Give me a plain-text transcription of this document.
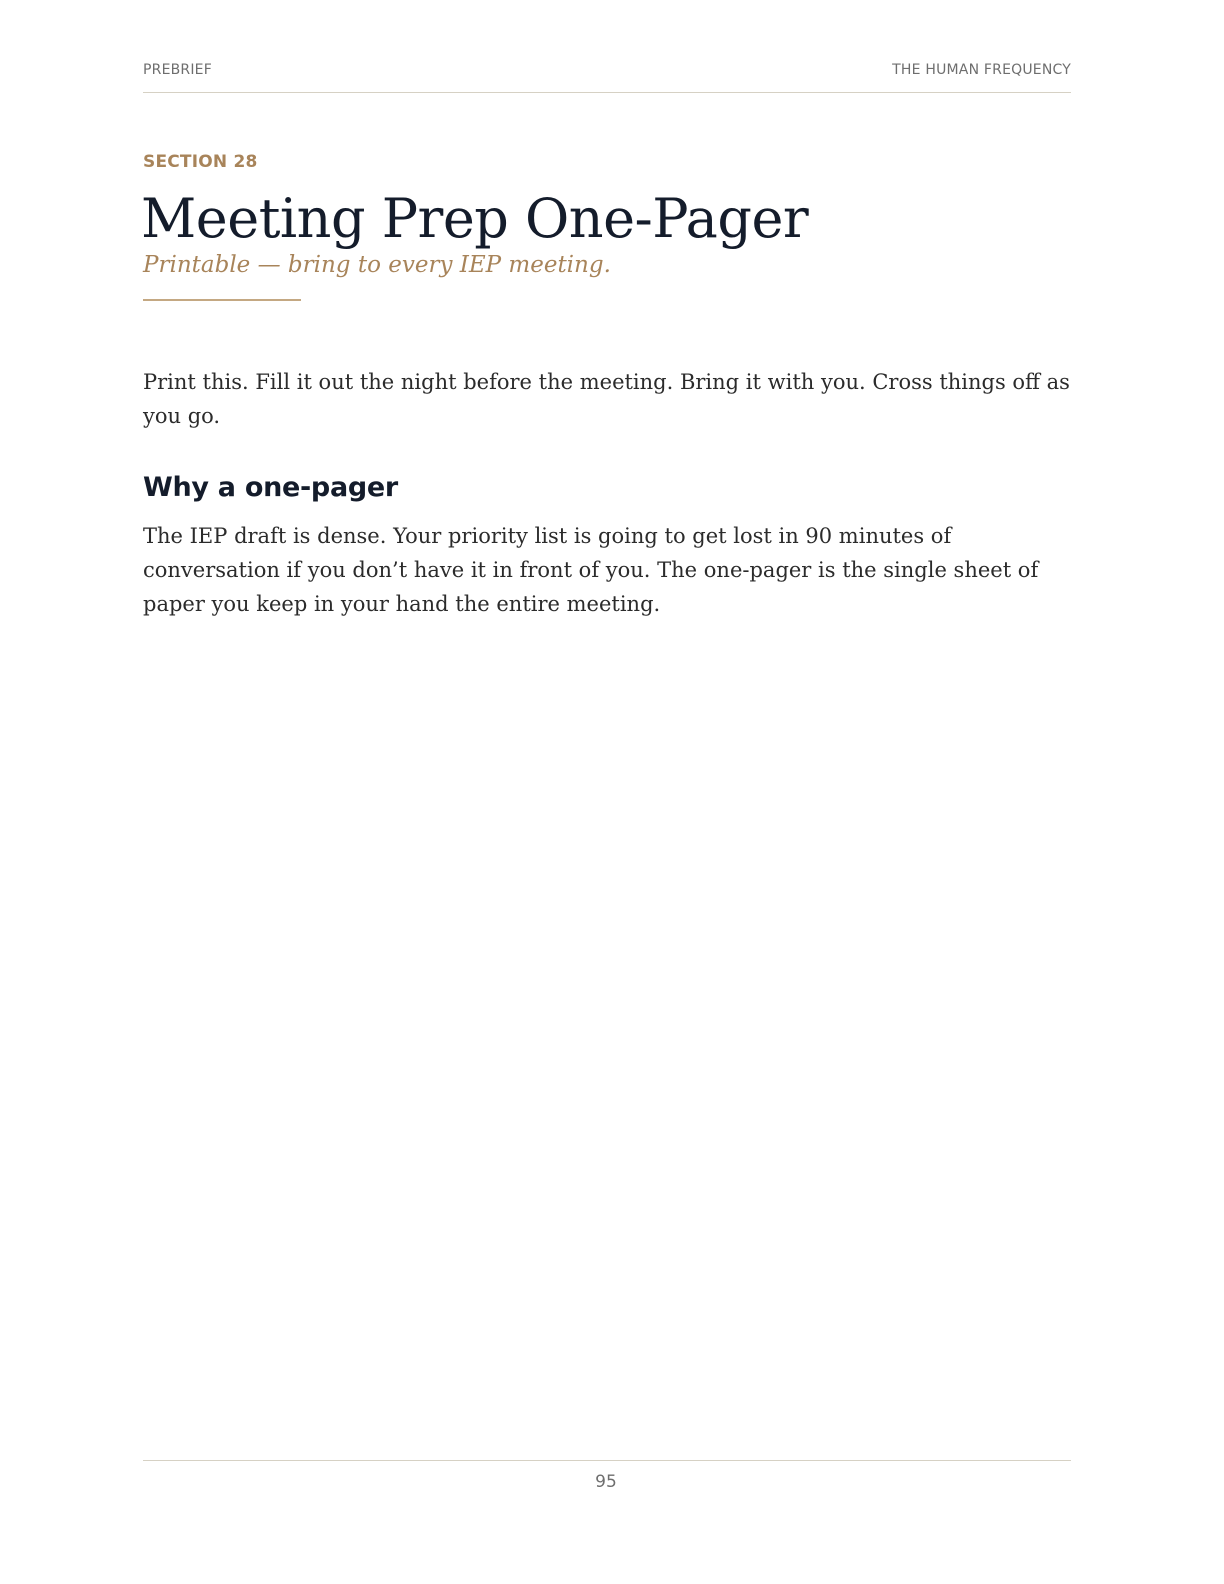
PREBRIEF	THE HUMAN FREQUENCY
SECTION 28
Meeting Prep One-Pager
Printable — bring to every IEP meeting.

Print this. Fill it out the night before the meeting. Bring it with you. Cross things off as you go.

Why a one-pager

The IEP draft is dense. Your priority list is going to get lost in 90 minutes of conversation if you don’t have it in front of you. The one-pager is the single sheet of paper you keep in your hand the entire meeting.

95
